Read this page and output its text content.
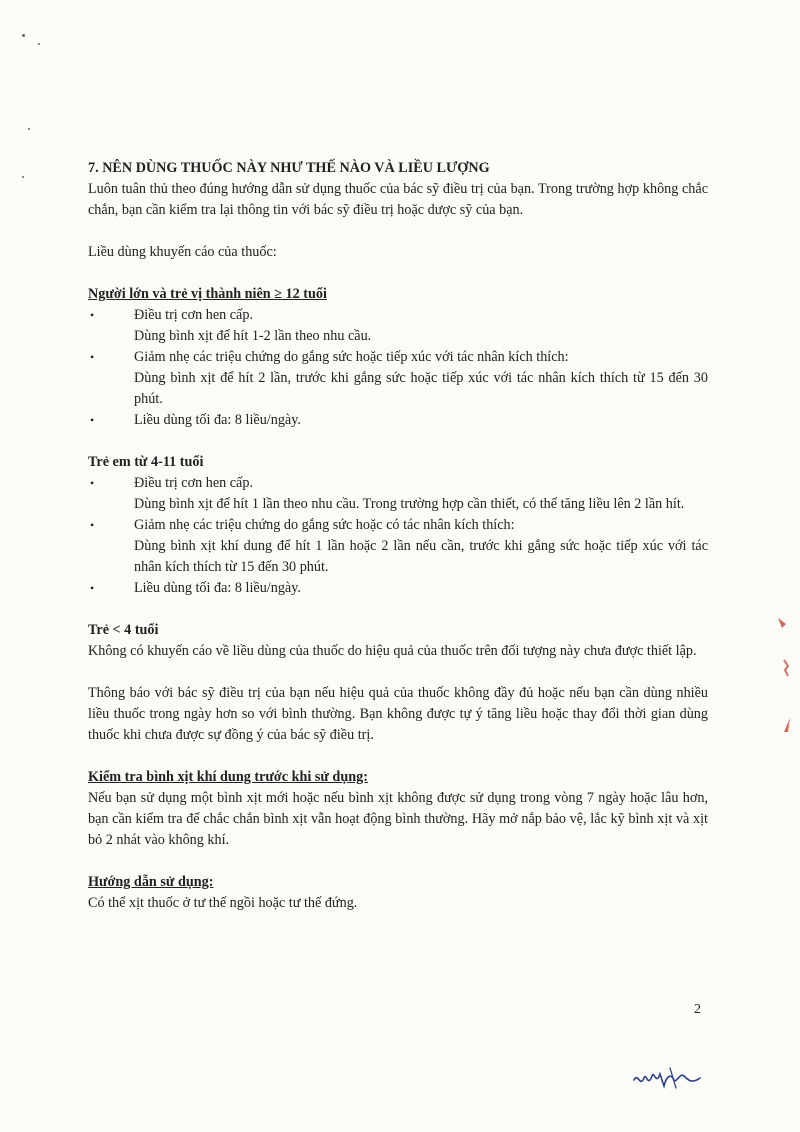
7. NÊN DÙNG THUỐC NÀY NHƯ THẾ NÀO VÀ LIỀU LƯỢNG

Luôn tuân thủ theo đúng hướng dẫn sử dụng thuốc của bác sỹ điều trị của bạn. Trong trường hợp không chắc chắn, bạn cần kiểm tra lại thông tin với bác sỹ điều trị hoặc dược sỹ của bạn.

Liều dùng khuyến cáo của thuốc:

Người lớn và trẻ vị thành niên ≥ 12 tuổi

•	Điều trị cơn hen cấp.
Dùng bình xịt để hít 1-2 lần theo nhu cầu.
•	Giảm nhẹ các triệu chứng do gắng sức hoặc tiếp xúc với tác nhân kích thích:
Dùng bình xịt để hít 2 lần, trước khi gắng sức hoặc tiếp xúc với tác nhân kích thích từ 15 đến 30 phút.
•	Liều dùng tối đa: 8 liều/ngày.

Trẻ em từ 4-11 tuổi

•	Điều trị cơn hen cấp.
Dùng bình xịt để hít 1 lần theo nhu cầu. Trong trường hợp cần thiết, có thể tăng liều lên 2 lần hít.
•	Giảm nhẹ các triệu chứng do gắng sức hoặc có tác nhân kích thích:
Dùng bình xịt khí dung để hít 1 lần hoặc 2 lần nếu cần, trước khi gắng sức hoặc tiếp xúc với tác nhân kích thích từ 15 đến 30 phút.
•	Liều dùng tối đa: 8 liều/ngày.

Trẻ < 4 tuổi

Không có khuyến cáo về liều dùng của thuốc do hiệu quả của thuốc trên đối tượng này chưa được thiết lập.

Thông báo với bác sỹ điều trị của bạn nếu hiệu quả của thuốc không đầy đủ hoặc nếu bạn cần dùng nhiều liều thuốc trong ngày hơn so với bình thường. Bạn không được tự ý tăng liều hoặc thay đổi thời gian dùng thuốc khi chưa được sự đồng ý của bác sỹ điều trị.

Kiểm tra bình xịt khí dung trước khi sử dụng:

Nếu bạn sử dụng một bình xịt mới hoặc nếu bình xịt không được sử dụng trong vòng 7 ngày hoặc lâu hơn, bạn cần kiểm tra để chắc chắn bình xịt vẫn hoạt động bình thường. Hãy mở nắp bảo vệ, lắc kỹ bình xịt và xịt bỏ 2 nhát vào không khí.

Hướng dẫn sử dụng:

Có thể xịt thuốc ở tư thế ngồi hoặc tư thế đứng.

2
